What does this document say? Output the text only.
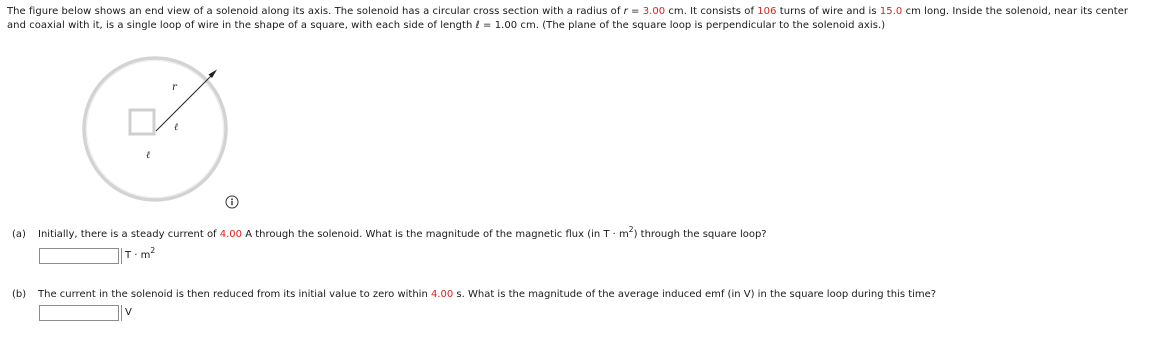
The figure below shows an end view of a solenoid along its axis. The solenoid has a circular cross section with a radius of r = 3.00 cm. It consists of 106 turns of wire and is 15.0 cm long. Inside the solenoid, near its center and coaxial with it, is a single loop of wire in the shape of a square, with each side of length ℓ = 1.00 cm. (The plane of the square loop is perpendicular to the solenoid axis.)
r
ℓ
ℓ
(a) Initially, there is a steady current of 4.00 A through the solenoid. What is the magnitude of the magnetic flux (in $T \cdot m^2$) through the square loop?
$T \cdot m^2$
(b) The current in the solenoid is then reduced from its initial value to zero within 4.00 s. What is the magnitude of the average induced emf (in V) in the square loop during this time?
V
